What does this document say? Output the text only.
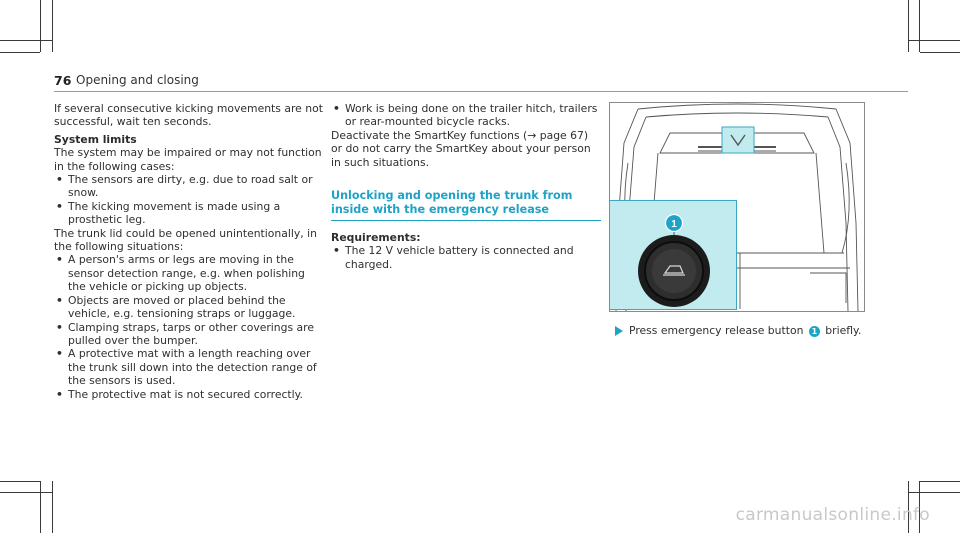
76 Opening and closing

If several consecutive kicking movements are not successful, wait ten seconds.

System limits

The system may be impaired or may not function in the following cases:

• The sensors are dirty, e.g. due to road salt or snow.

• The kicking movement is made using a prosthetic leg.

The trunk lid could be opened unintentionally, in the following situations:

• A person's arms or legs are moving in the sensor detection range, e.g. when polishing the vehicle or picking up objects.

• Objects are moved or placed behind the vehicle, e.g. tensioning straps or luggage.

• Clamping straps, tarps or other coverings are pulled over the bumper.

• A protective mat with a length reaching over the trunk sill down into the detection range of the sensors is used.

• The protective mat is not secured correctly.

• Work is being done on the trailer hitch, trailers or rear-mounted bicycle racks.

Deactivate the SmartKey functions (→ page 67) or do not carry the SmartKey about your person in such situations.

Unlocking and opening the trunk from inside with the emergency release

Requirements:

• The 12 V vehicle battery is connected and charged.

1
Press emergency release button 1 briefly.
carmanualsonline.info
